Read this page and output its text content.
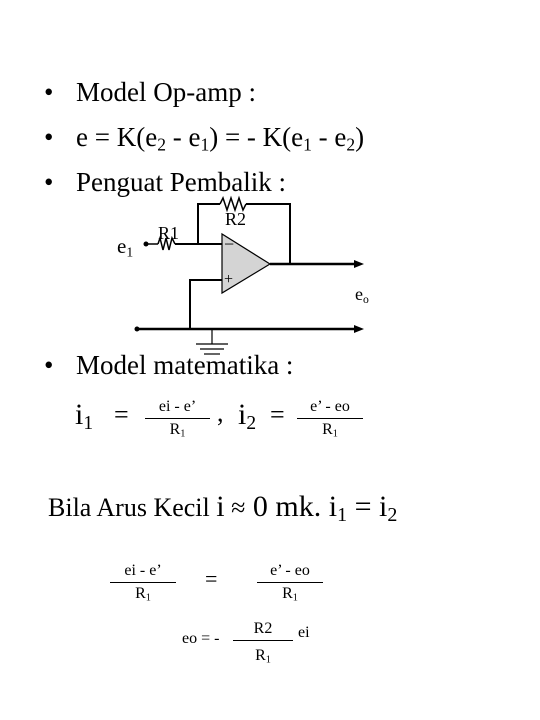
• Model Op-amp :
• $e = K(e_2 - e_1)$ = - $K(e_1 - e_2)$
• Penguat Pembalik :
−
+
R2
R1
$e_1$
$e_o$
• Model matematika :
$i_1 = \frac{ei - e’}{R_1}$ , $i_2 = \frac{e’ - eo}{R_1}$
Bila Arus Kecil i ≈ 0 mk. $i_1 = i_2$
$\frac{ei - e’}{R_1} = \frac{e’ - eo}{R_1}$
eo = - $\frac{R2}{R_1}$ ei
